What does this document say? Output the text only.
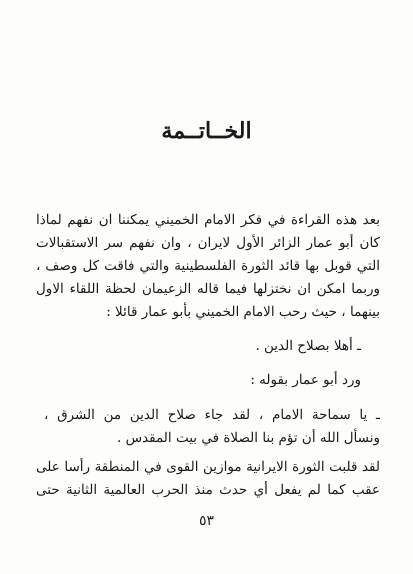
الخــاتــمة
بعد هذه القراءة في فكر الامام الخميني يمكننا ان نفهم لماذا
كان أبو عمار الزائر الأول لايران ، وان نفهم سر الاستقبالات
التي قوبل بها قائد الثورة الفلسطينية والتي فاقت كل وصف ،
وربما امكن ان نختزلها فيما قاله الزعيمان لحظة اللقاء الاول
بينهما ، حيث رحب الامام الخميني بأبو عمار قائلا :
ـ أهلا بصلاح الدين .
ورد أبو عمار بقوله :
ـ يا سماحة الامام ، لقد جاء صلاح الدين من الشرق ،
ونسأل الله أن تؤم بنا الصلاة في بيت المقدس .
لقد قلبت الثورة الايرانية موازين القوى في المنطقة رأسا على
عقب كما لم يفعل أي حدث منذ الحرب العالمية الثانية حتى
٥٣
